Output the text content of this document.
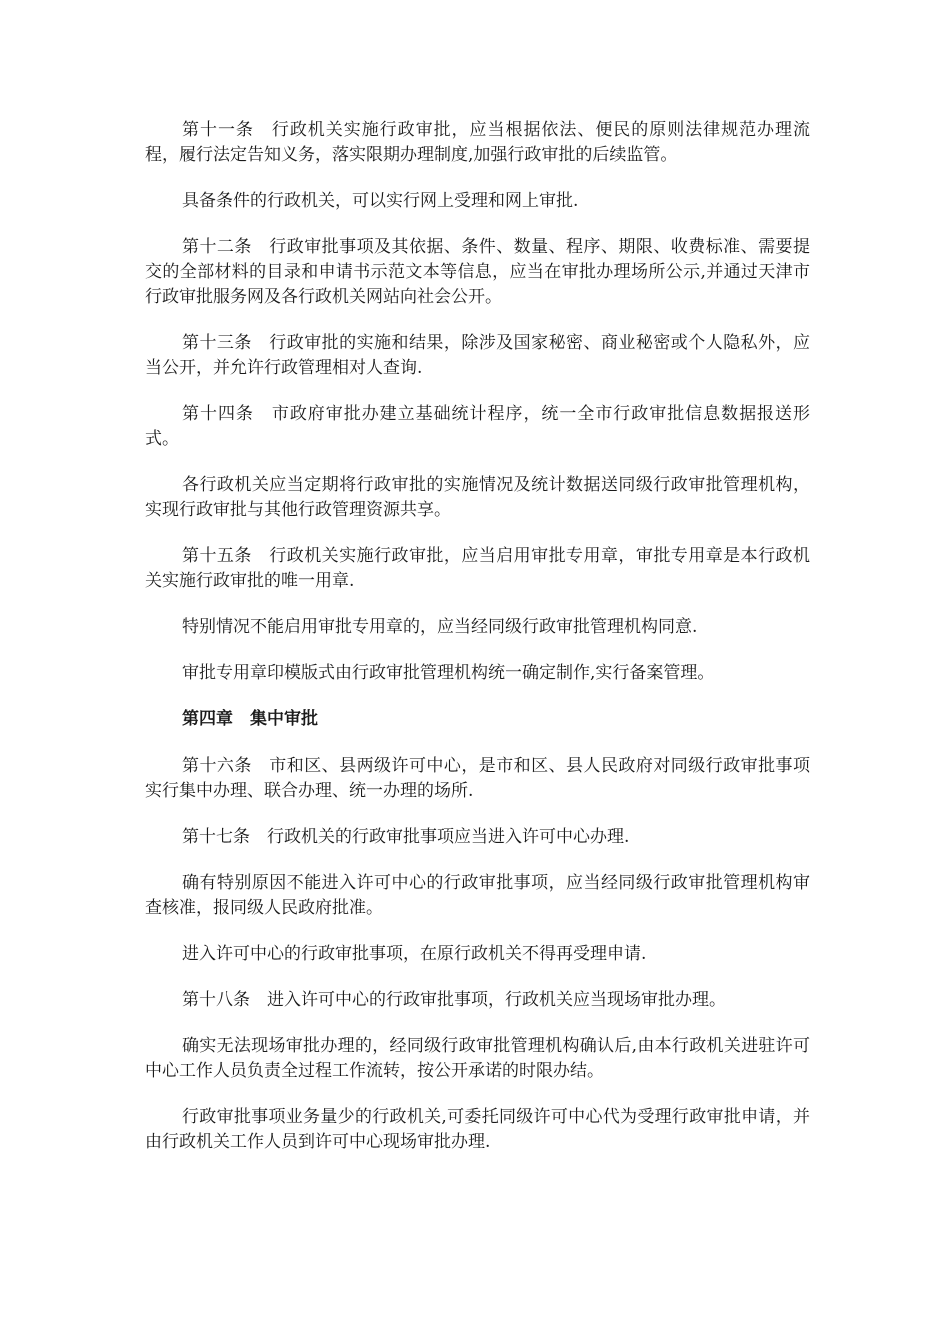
第十一条　行政机关实施行政审批，应当根据依法、便民的原则法律规范办理流程，履行法定告知义务，落实限期办理制度,加强行政审批的后续监管。

具备条件的行政机关，可以实行网上受理和网上审批.

第十二条　行政审批事项及其依据、条件、数量、程序、期限、收费标准、需要提交的全部材料的目录和申请书示范文本等信息，应当在审批办理场所公示,并通过天津市行政审批服务网及各行政机关网站向社会公开。

第十三条　行政审批的实施和结果，除涉及国家秘密、商业秘密或个人隐私外，应当公开，并允许行政管理相对人查询.

第十四条　市政府审批办建立基础统计程序，统一全市行政审批信息数据报送形式。

各行政机关应当定期将行政审批的实施情况及统计数据送同级行政审批管理机构，实现行政审批与其他行政管理资源共享。

第十五条　行政机关实施行政审批，应当启用审批专用章，审批专用章是本行政机关实施行政审批的唯一用章.

特别情况不能启用审批专用章的，应当经同级行政审批管理机构同意.

审批专用章印模版式由行政审批管理机构统一确定制作,实行备案管理。

第四章　集中审批

第十六条　市和区、县两级许可中心，是市和区、县人民政府对同级行政审批事项实行集中办理、联合办理、统一办理的场所.

第十七条　行政机关的行政审批事项应当进入许可中心办理.

确有特别原因不能进入许可中心的行政审批事项，应当经同级行政审批管理机构审查核准，报同级人民政府批准。

进入许可中心的行政审批事项，在原行政机关不得再受理申请.

第十八条　进入许可中心的行政审批事项，行政机关应当现场审批办理。

确实无法现场审批办理的，经同级行政审批管理机构确认后,由本行政机关进驻许可中心工作人员负责全过程工作流转，按公开承诺的时限办结。

行政审批事项业务量少的行政机关,可委托同级许可中心代为受理行政审批申请，并由行政机关工作人员到许可中心现场审批办理.
